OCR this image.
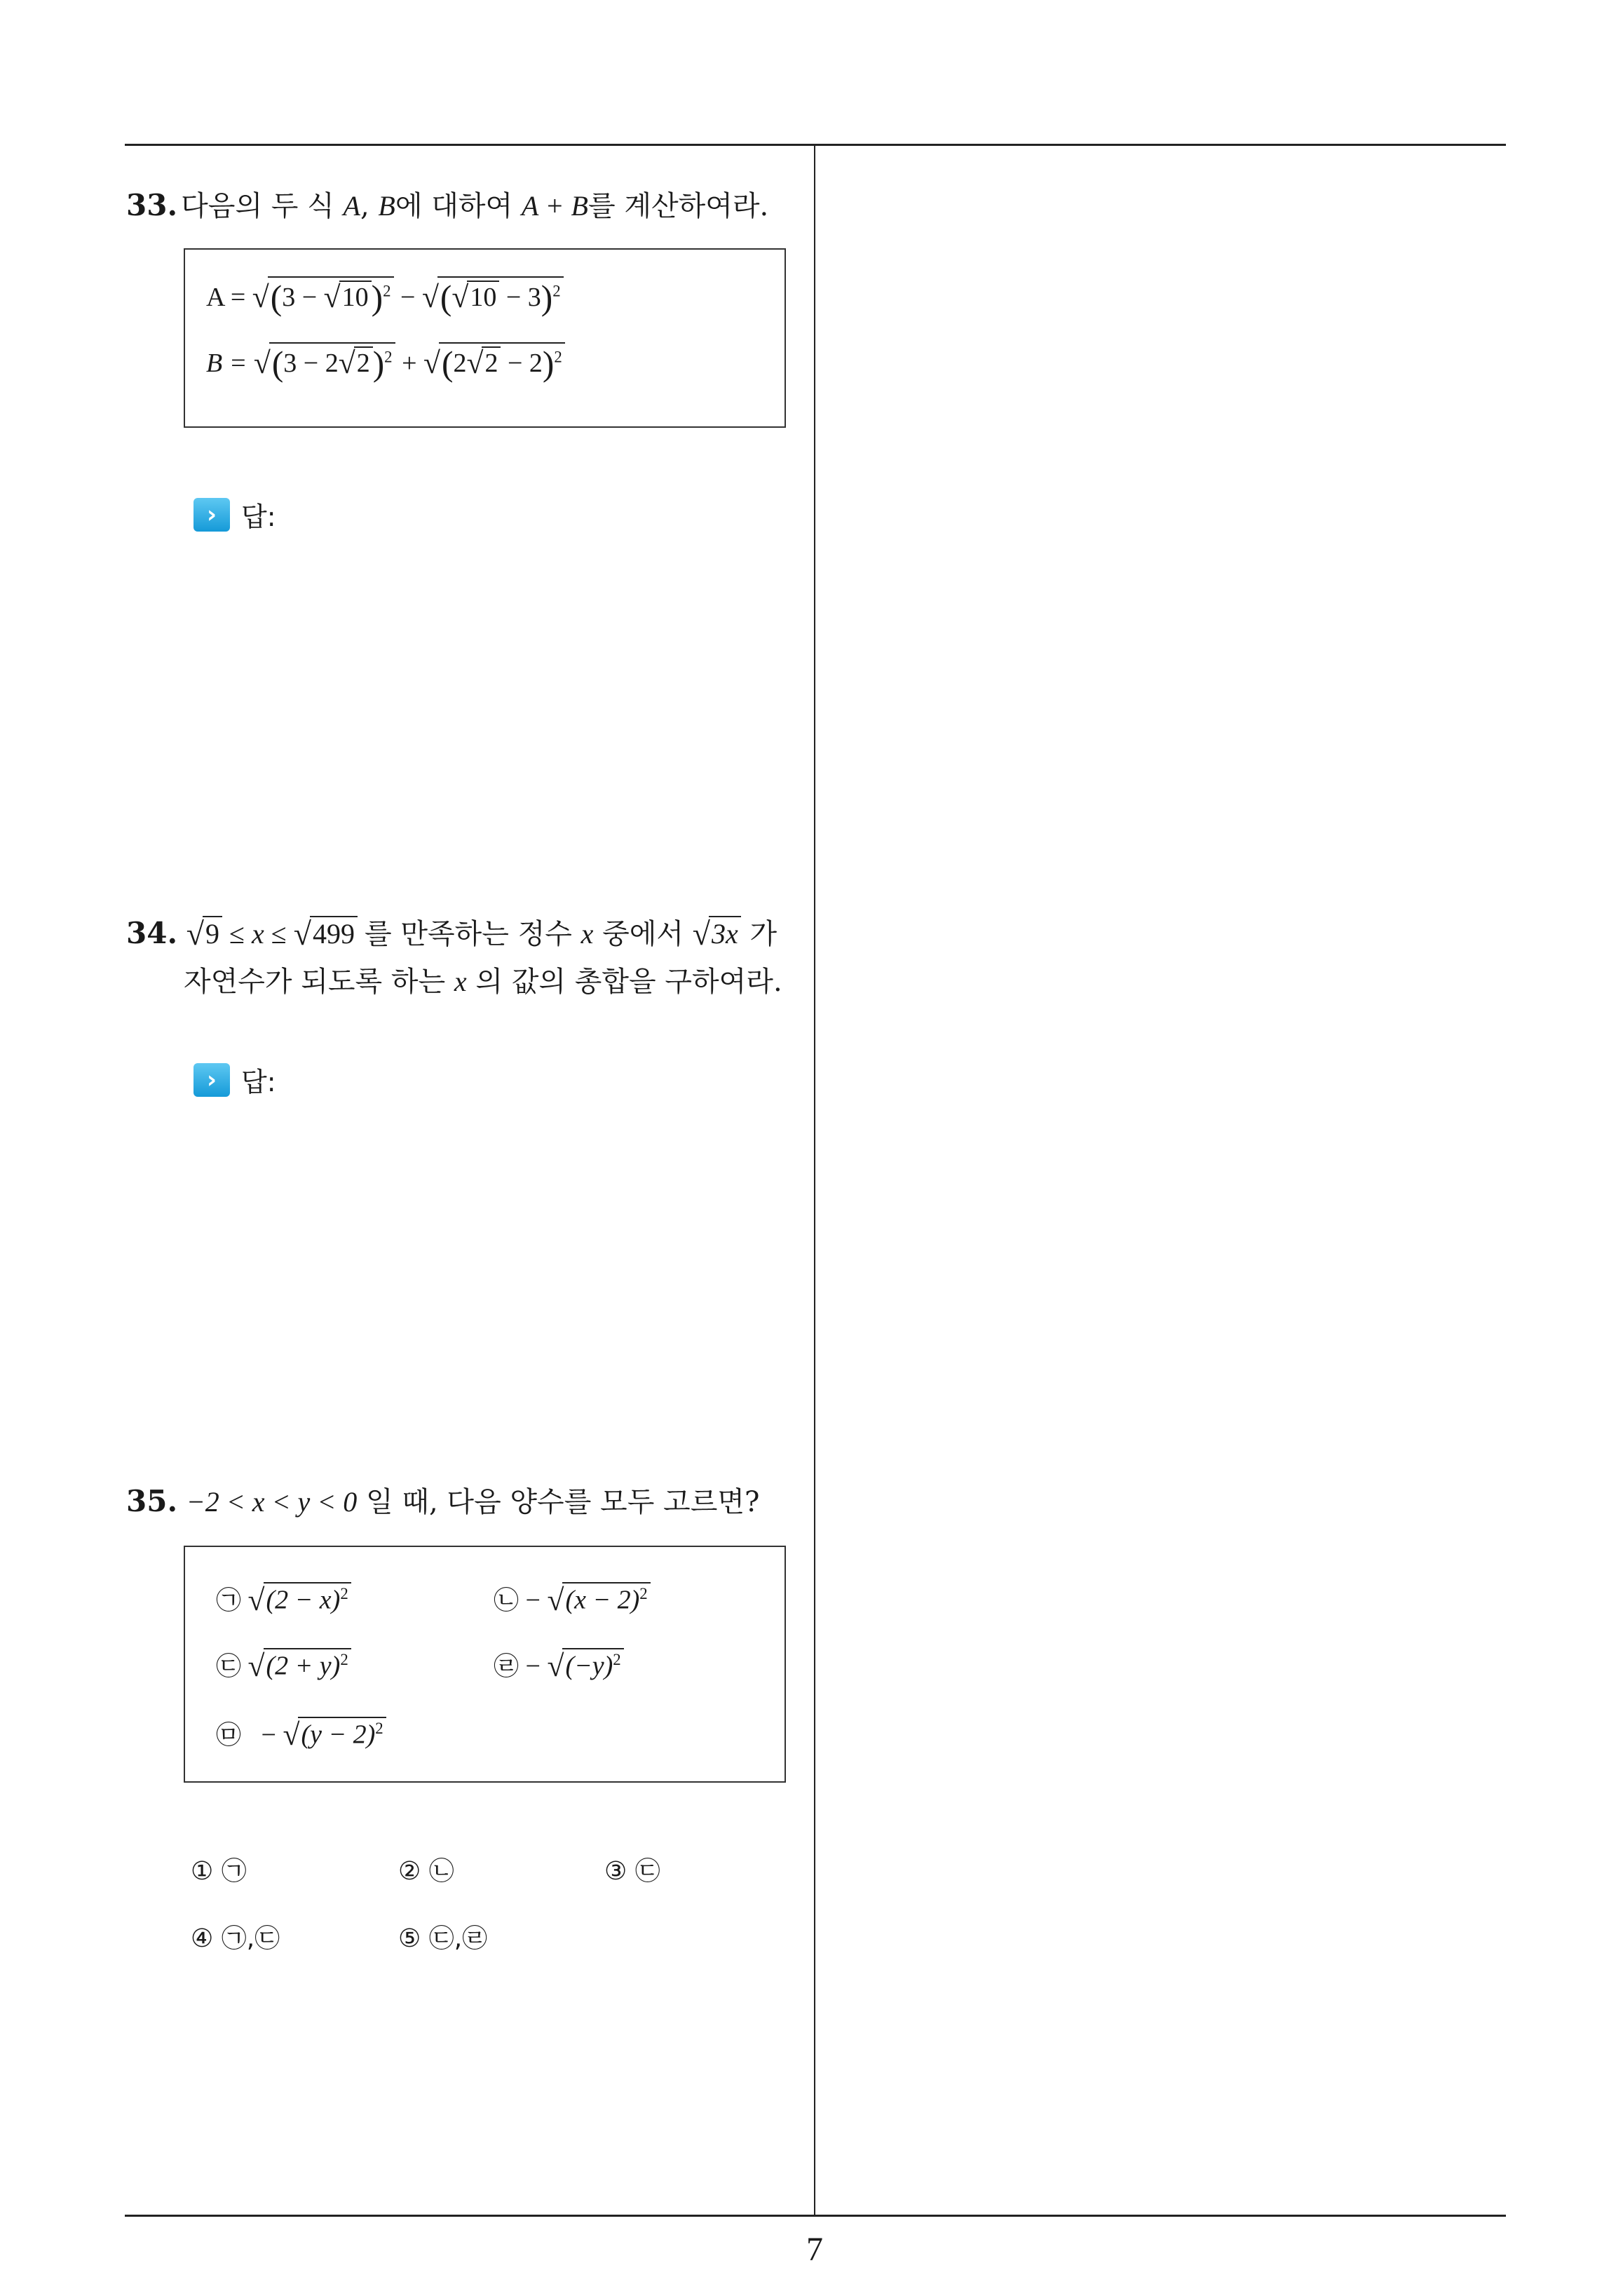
33. 다음의 두 식 A, B에 대하여 A + B를 계산하여라.
$A = √(3 - √10)^2 - √(√10 - 3)^2$
$B = √(3 - 2√2)^2 + √(2√2 - 2)^2$
› 답:
34. √9 ≤ x ≤ √499 를 만족하는 정수 x 중에서 √3x 가
자연수가 되도록 하는 x 의 값의 총합을 구하여라.
› 답:
35. −2 < x < y < 0 일 때, 다음 양수를 모두 고르면?
㉠ $√(2 - x)^2$	㉡ − $√(x - 2)^2$
㉢ $√(2 + y)^2$	㉣ − $√(-y)^2$
㉤ − $√(y - 2)^2$
① ㉠	② ㉡	③ ㉢
④ ㉠,㉢	⑤ ㉢,㉣
7
